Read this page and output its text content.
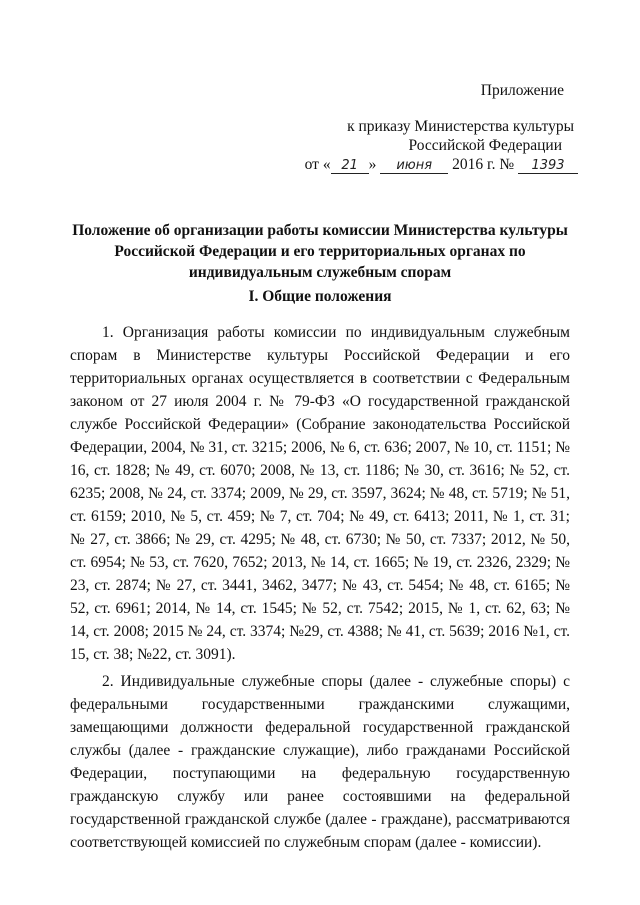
Приложение
к приказу Министерства культуры
Российской Федерации
от « 21 » июня 2016 г. № 1393
Положение об организации работы комиссии Министерства культуры Российской Федерации и его территориальных органах по индивидуальным служебным спорам
I. Общие положения

1. Организация работы комиссии по индивидуальным служебным спорам в Министерстве культуры Российской Федерации и его территориальных органах осуществляется в соответствии с Федеральным законом от 27 июля 2004 г. № 79-ФЗ «О государственной гражданской службе Российской Федерации» (Собрание законодательства Российской Федерации, 2004, № 31, ст. 3215; 2006, № 6, ст. 636; 2007, № 10, ст. 1151; № 16, ст. 1828; № 49, ст. 6070; 2008, № 13, ст. 1186; № 30, ст. 3616; № 52, ст. 6235; 2008, № 24, ст. 3374; 2009, № 29, ст. 3597, 3624; № 48, ст. 5719; № 51, ст. 6159; 2010, № 5, ст. 459; № 7, ст. 704; № 49, ст. 6413; 2011, № 1, ст. 31; № 27, ст. 3866; № 29, ст. 4295; № 48, ст. 6730; № 50, ст. 7337; 2012, № 50, ст. 6954; № 53, ст. 7620, 7652; 2013, № 14, ст. 1665; № 19, ст. 2326, 2329; № 23, ст. 2874; № 27, ст. 3441, 3462, 3477; № 43, ст. 5454; № 48, ст. 6165; № 52, ст. 6961; 2014, № 14, ст. 1545; № 52, ст. 7542; 2015, № 1, ст. 62, 63; № 14, ст. 2008; 2015 № 24, ст. 3374; №29, ст. 4388; № 41, ст. 5639; 2016 №1, ст. 15, ст. 38; №22, ст. 3091).

2. Индивидуальные служебные споры (далее - служебные споры) с федеральными государственными гражданскими служащими, замещающими должности федеральной государственной гражданской службы (далее - гражданские служащие), либо гражданами Российской Федерации, поступающими на федеральную государственную гражданскую службу или ранее состоявшими на федеральной государственной гражданской службе (далее - граждане), рассматриваются соответствующей комиссией по служебным спорам (далее - комиссии).
